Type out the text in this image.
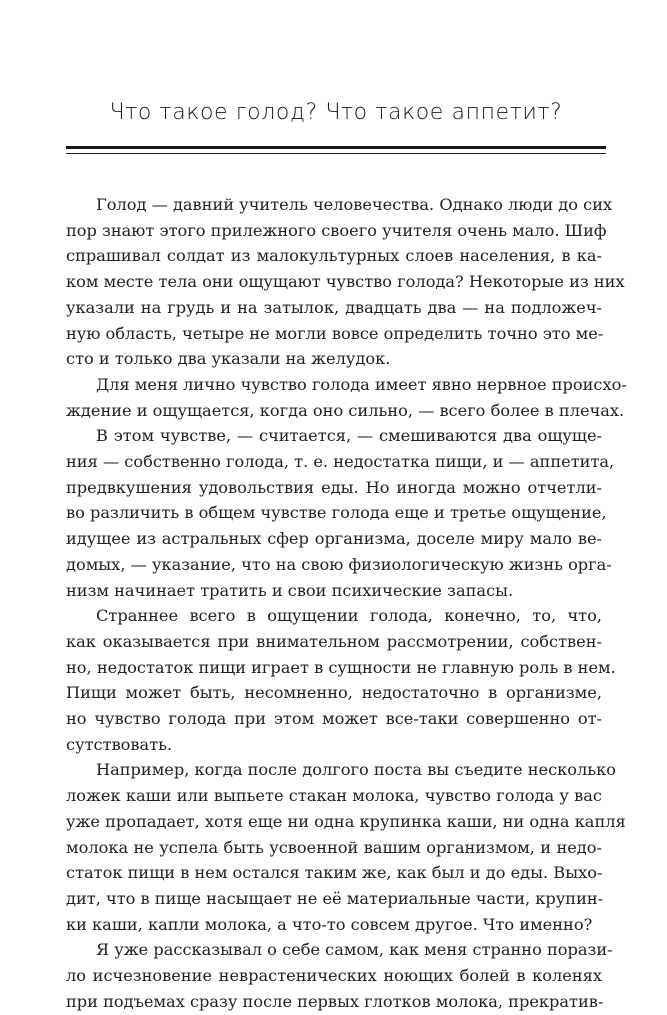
Что такое голод? Что такое аппетит?

Голод — давний учитель человечества. Однако люди до сих
пор знают этого прилежного своего учителя очень мало. Шиф
спрашивал солдат из малокультурных слоев населения, в ка-
ком месте тела они ощущают чувство голода? Некоторые из них
указали на грудь и на затылок, двадцать два — на подложеч-
ную область, четыре не могли вовсе определить точно это ме-
сто и только два указали на желудок.

Для меня лично чувство голода имеет явно нервное происхо-
ждение и ощущается, когда оно сильно, — всего более в плечах.

В этом чувстве, — считается, — смешиваются два ощуще-
ния — собственно голода, т. е. недостатка пищи, и — аппетита,
предвкушения удовольствия еды. Но иногда можно отчетли-
во различить в общем чувстве голода еще и третье ощущение,
идущее из астральных сфер организма, доселе миру мало ве-
домых, — указание, что на свою физиологическую жизнь орга-
низм начинает тратить и свои психические запасы.

Страннее всего в ощущении голода, конечно, то, что,
как оказывается при внимательном рассмотрении, собствен-
но, недостаток пищи играет в сущности не главную роль в нем.
Пищи может быть, несомненно, недостаточно в организме,
но чувство голода при этом может все-таки совершенно от-
сутствовать.

Например, когда после долгого поста вы съедите несколько
ложек каши или выпьете стакан молока, чувство голода у вас
уже пропадает, хотя еще ни одна крупинка каши, ни одна капля
молока не успела быть усвоенной вашим организмом, и недо-
статок пищи в нем остался таким же, как был и до еды. Выхо-
дит, что в пище насыщает не её материальные части, крупин-
ки каши, капли молока, а что-то совсем другое. Что именно?

Я уже рассказывал о себе самом, как меня странно порази-
ло исчезновение неврастенических ноющих болей в коленях
при подъемах сразу после первых глотков молока, прекратив-
